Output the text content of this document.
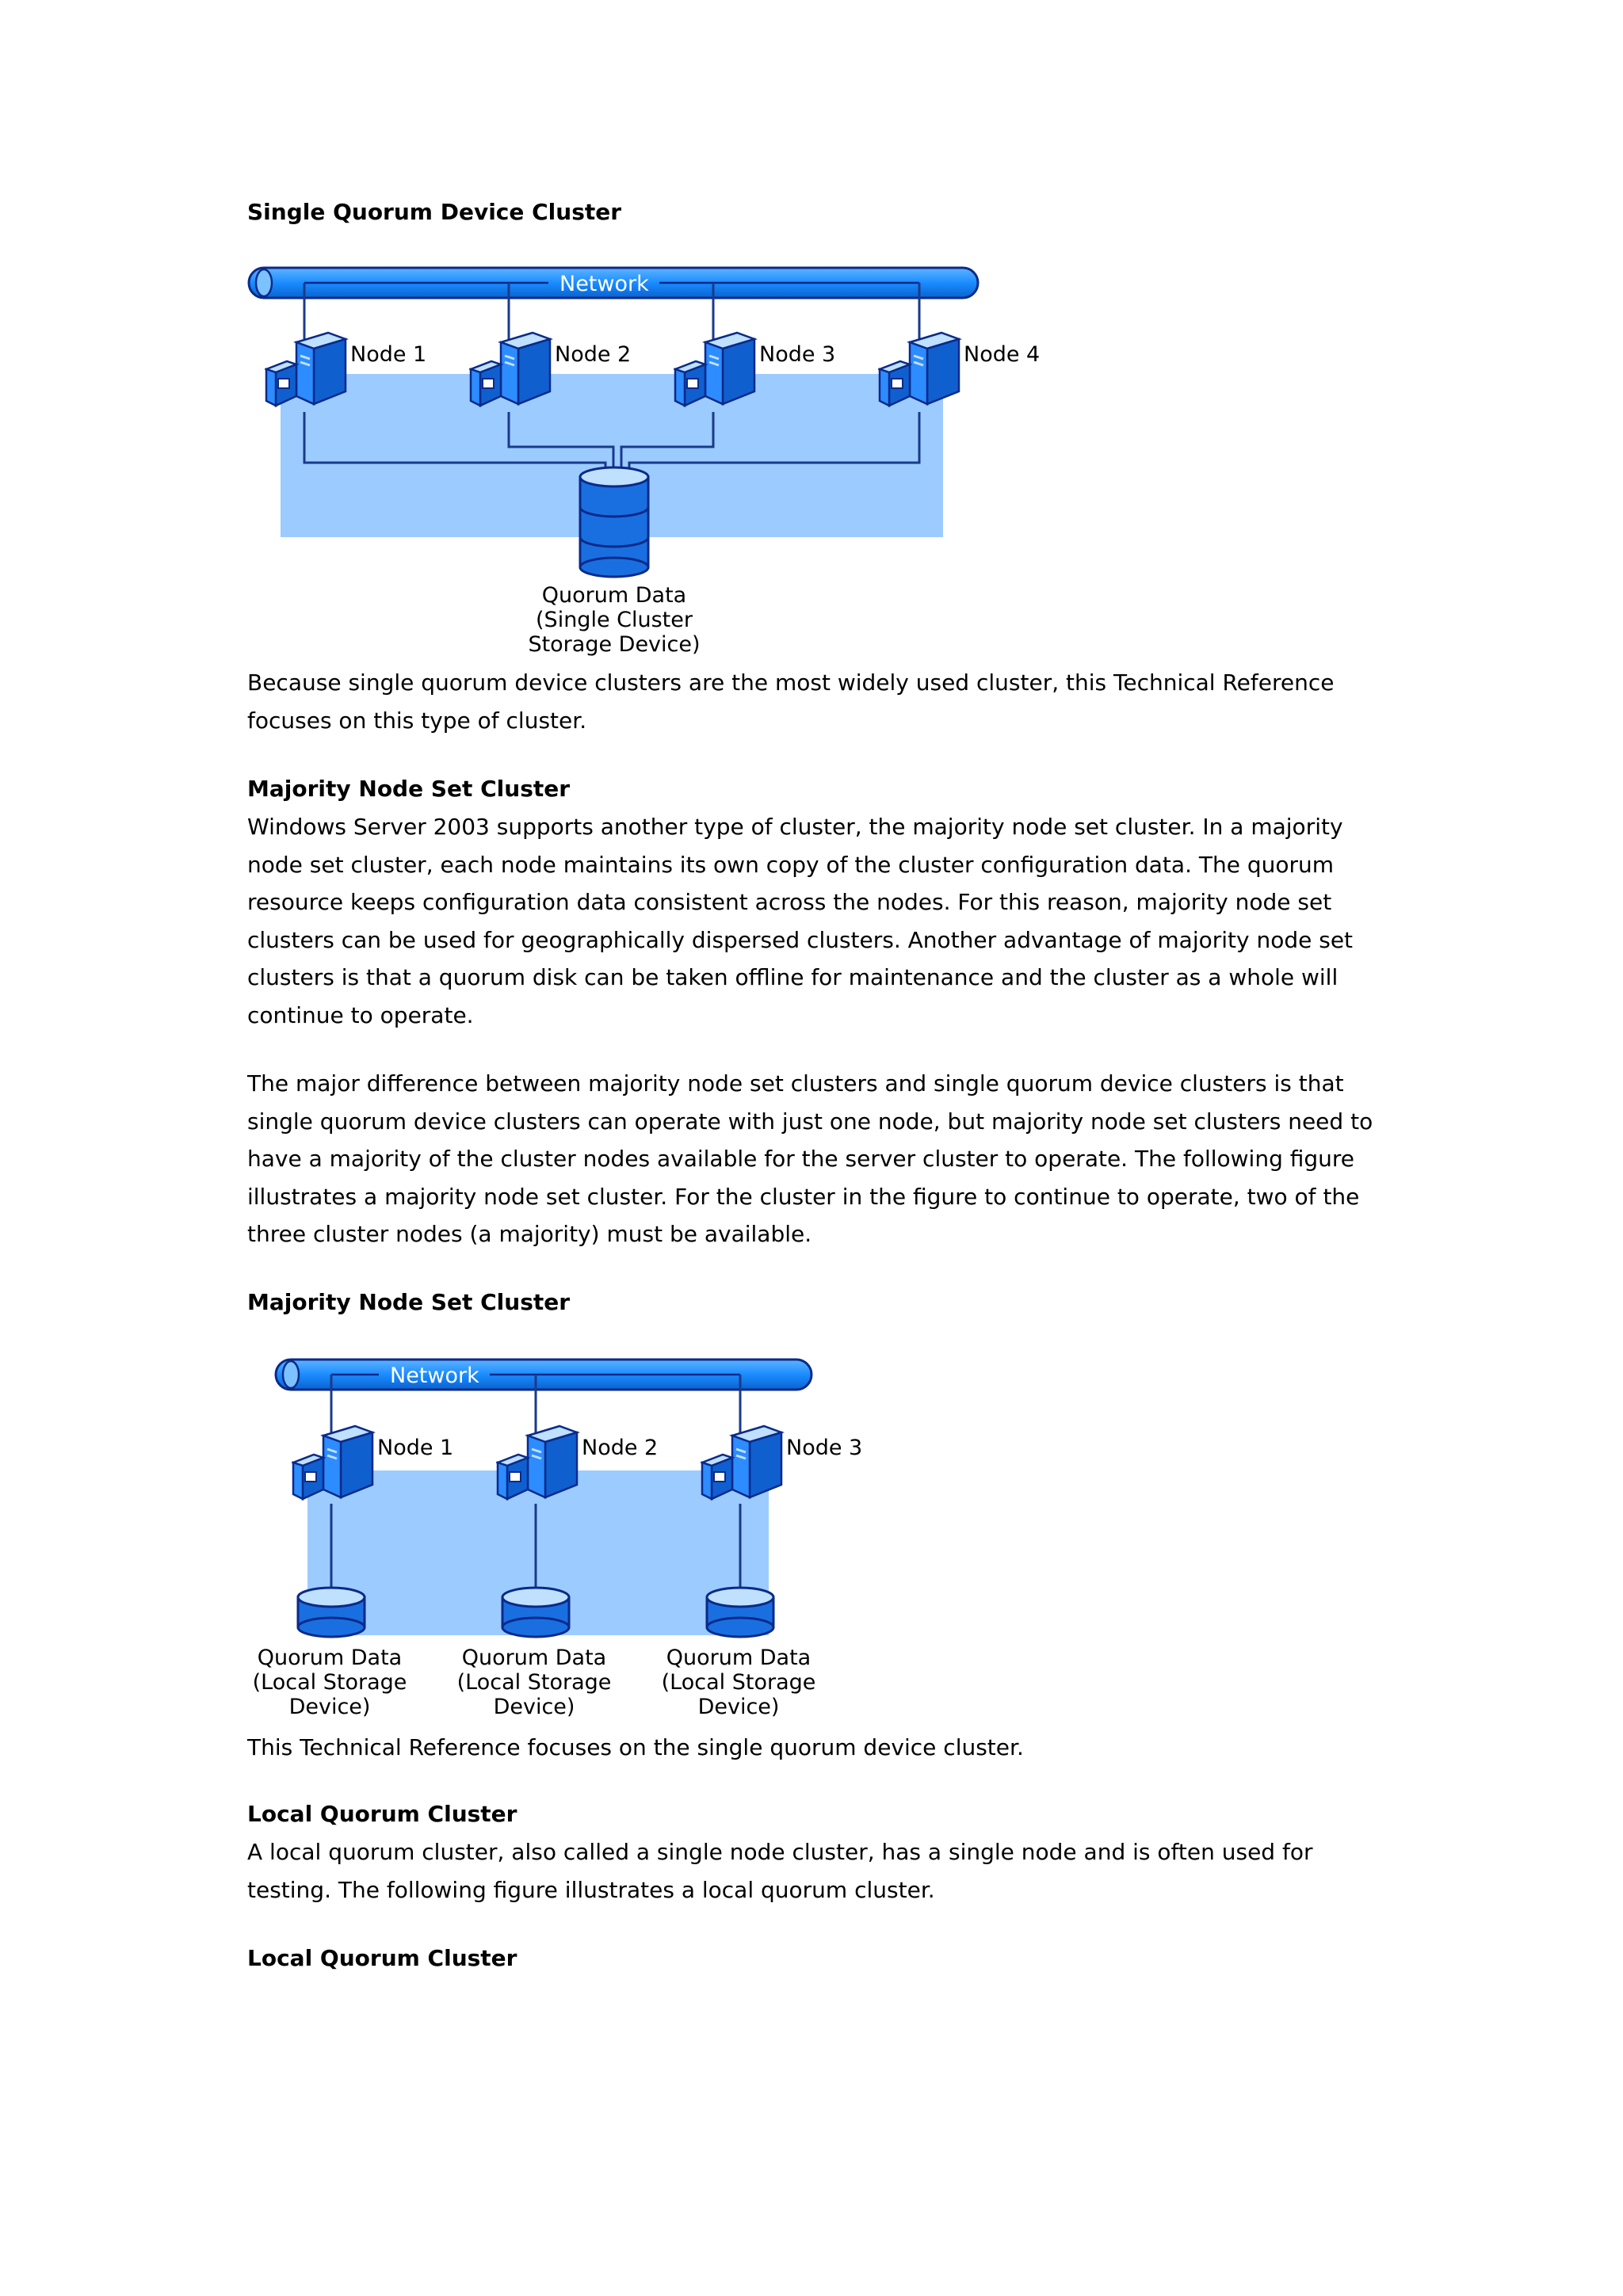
Single Quorum Device Cluster
Network
Node 1	Node 2	Node 3	Node 4
Quorum Data
(Single Cluster
Storage Device)

Because single quorum device clusters are the most widely used cluster, this Technical Reference
focuses on this type of cluster.

Majority Node Set Cluster

Windows Server 2003 supports another type of cluster, the majority node set cluster. In a majority
node set cluster, each node maintains its own copy of the cluster configuration data. The quorum
resource keeps configuration data consistent across the nodes. For this reason, majority node set
clusters can be used for geographically dispersed clusters. Another advantage of majority node set
clusters is that a quorum disk can be taken offline for maintenance and the cluster as a whole will
continue to operate.

The major difference between majority node set clusters and single quorum device clusters is that
single quorum device clusters can operate with just one node, but majority node set clusters need to
have a majority of the cluster nodes available for the server cluster to operate. The following figure
illustrates a majority node set cluster. For the cluster in the figure to continue to operate, two of the
three cluster nodes (a majority) must be available.

Majority Node Set Cluster
Network
Node 1	Node 2	Node 3
Quorum Data
(Local Storage
Device)
Quorum Data
(Local Storage
Device)
Quorum Data
(Local Storage
Device)

This Technical Reference focuses on the single quorum device cluster.

Local Quorum Cluster

A local quorum cluster, also called a single node cluster, has a single node and is often used for
testing. The following figure illustrates a local quorum cluster.

Local Quorum Cluster
